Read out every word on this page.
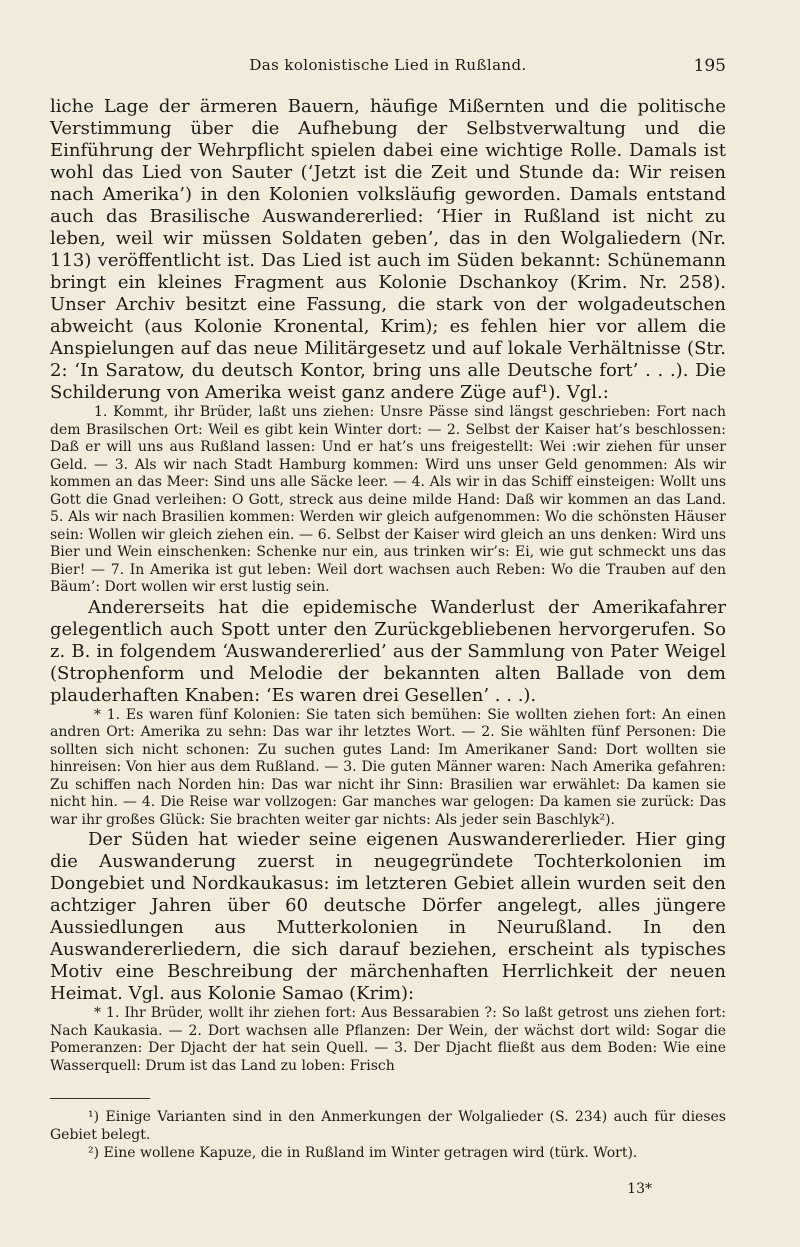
Das kolonistische Lied in Rußland.	195

liche Lage der ärmeren Bauern, häufige Mißernten und die politische Verstimmung über die Aufhebung der Selbstverwaltung und die Einführung der Wehrpflicht spielen dabei eine wichtige Rolle. Damals ist wohl das Lied von Sauter (‘Jetzt ist die Zeit und Stunde da: Wir reisen nach Amerika’) in den Kolonien volksläufig geworden. Damals entstand auch das Brasilische Auswandererlied: ‘Hier in Rußland ist nicht zu leben, weil wir müssen Soldaten geben’, das in den Wolgaliedern (Nr. 113) veröffentlicht ist. Das Lied ist auch im Süden bekannt: Schünemann bringt ein kleines Fragment aus Kolonie Dschankoy (Krim. Nr. 258). Unser Archiv besitzt eine Fassung, die stark von der wolgadeutschen abweicht (aus Kolonie Kronental, Krim); es fehlen hier vor allem die Anspielungen auf das neue Militärgesetz und auf lokale Verhältnisse (Str. 2: ‘In Saratow, du deutsch Kontor, bring uns alle Deutsche fort’ . . .). Die Schilderung von Amerika weist ganz andere Züge auf¹). Vgl.:

1. Kommt, ihr Brüder, laßt uns ziehen: Unsre Pässe sind längst geschrieben: Fort nach dem Brasilschen Ort: Weil es gibt kein Winter dort: — 2. Selbst der Kaiser hat’s beschlossen: Daß er will uns aus Rußland lassen: Und er hat’s uns freigestellt: Wei :wir ziehen für unser Geld. — 3. Als wir nach Stadt Hamburg kommen: Wird uns unser Geld genommen: Als wir kommen an das Meer: Sind uns alle Säcke leer. — 4. Als wir in das Schiff einsteigen: Wollt uns Gott die Gnad verleihen: O Gott, streck aus deine milde Hand: Daß wir kommen an das Land. 5. Als wir nach Brasilien kommen: Werden wir gleich aufgenommen: Wo die schönsten Häuser sein: Wollen wir gleich ziehen ein. — 6. Selbst der Kaiser wird gleich an uns denken: Wird uns Bier und Wein einschenken: Schenke nur ein, aus trinken wir’s: Ei, wie gut schmeckt uns das Bier! — 7. In Amerika ist gut leben: Weil dort wachsen auch Reben: Wo die Trauben auf den Bäum’: Dort wollen wir erst lustig sein.

Andererseits hat die epidemische Wanderlust der Amerikafahrer gelegentlich auch Spott unter den Zurückgebliebenen hervorgerufen. So z. B. in folgendem ‘Auswandererlied’ aus der Sammlung von Pater Weigel (Strophenform und Melodie der bekannten alten Ballade von dem plauderhaften Knaben: ‘Es waren drei Gesellen’ . . .).

* 1. Es waren fünf Kolonien: Sie taten sich bemühen: Sie wollten ziehen fort: An einen andren Ort: Amerika zu sehn: Das war ihr letztes Wort. — 2. Sie wählten fünf Personen: Die sollten sich nicht schonen: Zu suchen gutes Land: Im Amerikaner Sand: Dort wollten sie hinreisen: Von hier aus dem Rußland. — 3. Die guten Männer waren: Nach Amerika gefahren: Zu schiffen nach Norden hin: Das war nicht ihr Sinn: Brasilien war erwählet: Da kamen sie nicht hin. — 4. Die Reise war vollzogen: Gar manches war gelogen: Da kamen sie zurück: Das war ihr großes Glück: Sie brachten weiter gar nichts: Als jeder sein Baschlyk²).

Der Süden hat wieder seine eigenen Auswandererlieder. Hier ging die Auswanderung zuerst in neugegründete Tochterkolonien im Dongebiet und Nordkaukasus: im letzteren Gebiet allein wurden seit den achtziger Jahren über 60 deutsche Dörfer angelegt, alles jüngere Aussiedlungen aus Mutterkolonien in Neurußland. In den Auswandererliedern, die sich darauf beziehen, erscheint als typisches Motiv eine Beschreibung der märchenhaften Herrlichkeit der neuen Heimat. Vgl. aus Kolonie Samao (Krim):

* 1. Ihr Brüder, wollt ihr ziehen fort: Aus Bessarabien ?: So laßt getrost uns ziehen fort: Nach Kaukasia. — 2. Dort wachsen alle Pflanzen: Der Wein, der wächst dort wild: Sogar die Pomeranzen: Der Djacht der hat sein Quell. — 3. Der Djacht fließt aus dem Boden: Wie eine Wasserquell: Drum ist das Land zu loben: Frisch

¹) Einige Varianten sind in den Anmerkungen der Wolgalieder (S. 234) auch für dieses Gebiet belegt.

²) Eine wollene Kapuze, die in Rußland im Winter getragen wird (türk. Wort).

13*
